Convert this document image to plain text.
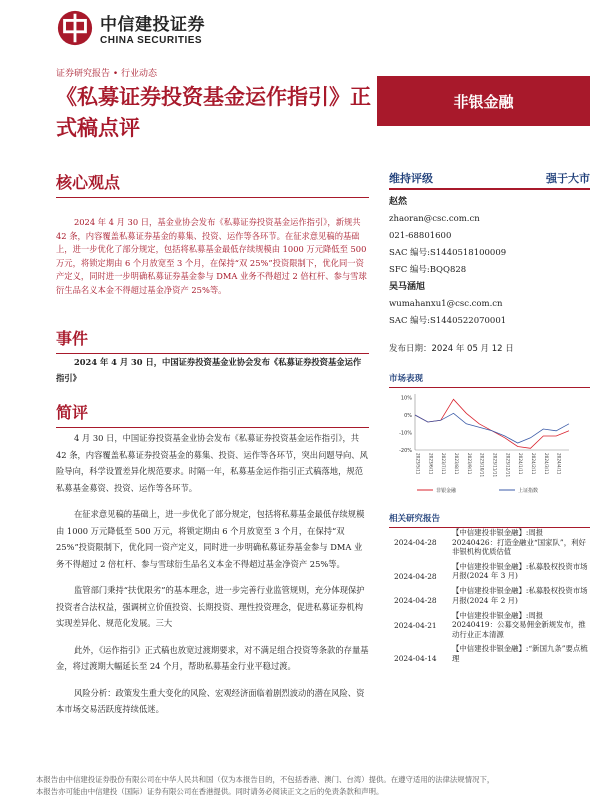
中信建投证券
CHINA SECURITIES
证券研究报告 • 行业动态
《私募证券投资基金运作指引》正式稿点评
非银金融
核心观点
2024 年 4 月 30 日，基金业协会发布《私募证券投资基金运作指引》，新规共 42 条，内容覆盖私募证券基金的募集、投资、运作等各环节。在征求意见稿的基础上，进一步优化了部分规定，包括将私募基金最低存续规模由 1000 万元降低至 500 万元，将锁定期由 6 个月放宽至 3 个月，在保持“双 25%”投资限制下，优化同一资产定义，同时进一步明确私募证券基金参与 DMA 业务不得超过 2 倍杠杆、参与雪球衍生品名义本金不得超过基金净资产 25%等。
事件
2024 年 4 月 30 日，中国证券投资基金业协会发布《私募证券投资基金运作指引》
简评

4 月 30 日，中国证券投资基金业协会发布《私募证券投资基金运作指引》，共 42 条，内容覆盖私募证券投资基金的募集、投资、运作等各环节，突出问题导向、风险导向，科学设置差异化规范要求。时隔一年，私募基金运作指引正式稿落地，规范私募基金募资、投资、运作等各环节。

在征求意见稿的基础上，进一步优化了部分规定，包括将私募基金最低存续规模由 1000 万元降低至 500 万元，将锁定期由 6 个月放宽至 3 个月，在保持“双 25%”投资限制下，优化同一资产定义，同时进一步明确私募证券基金参与 DMA 业务不得超过 2 倍杠杆、参与雪球衍生品名义本金不得超过基金净资产 25%等。

监管部门秉持“扶优限劣”的基本理念，进一步完善行业监管规则，充分体现保护投资者合法权益，强调树立价值投资、长期投资、理性投资理念，促进私募证券机构实现差异化、规范化发展。三大

此外，《运作指引》正式稿也放宽过渡期要求，对不满足组合投资等条款的存量基金，将过渡期大幅延长至 24 个月，帮助私募基金行业平稳过渡。

风险分析：政策发生重大变化的风险、宏观经济面临着剧烈波动的潜在风险、资本市场交易活跃度持续低迷。

维持评级	强于大市
赵然
zhaoran@csc.com.cn
021-68801600
SAC 编号:S1440518100009
SFC 编号:BQQ828
吴马涵旭
wumahanxu1@csc.com.cn
SAC 编号:S1440522070001
发布日期：2024 年 05 月 12 日
市场表现
10%
0%
-10%
-20%
2023/5/11 2023/6/11 2023/7/11 2023/8/11 2023/9/11 2023/10/11 2023/11/11 2023/12/11 2024/1/11 2024/2/11 2024/3/11 2024/4/11
非银金融	上证指数
相关研究报告
2024-04-28
【中信建投非银金融】:周报 20240426：打造金融业“国家队”，利好非银机构优质估值
2024-04-28
【中信建投非银金融】:私募股权投资市场月报(2024 年 3 月)
2024-04-28
【中信建投非银金融】:私募股权投资市场月报(2024 年 2 月)
2024-04-21
【中信建投非银金融】:周报 20240419：公募交易佣金新规发布，推动行业正本清源
2024-04-14
【中信建投非银金融】:“新国九条”要点梳理
本报告由中信建投证券股份有限公司在中华人民共和国（仅为本报告目的，不包括香港、澳门、台湾）提供。在遵守适用的法律法规情况下，
本报告亦可能由中信建投（国际）证券有限公司在香港提供。同时请务必阅读正文之后的免责条款和声明。
